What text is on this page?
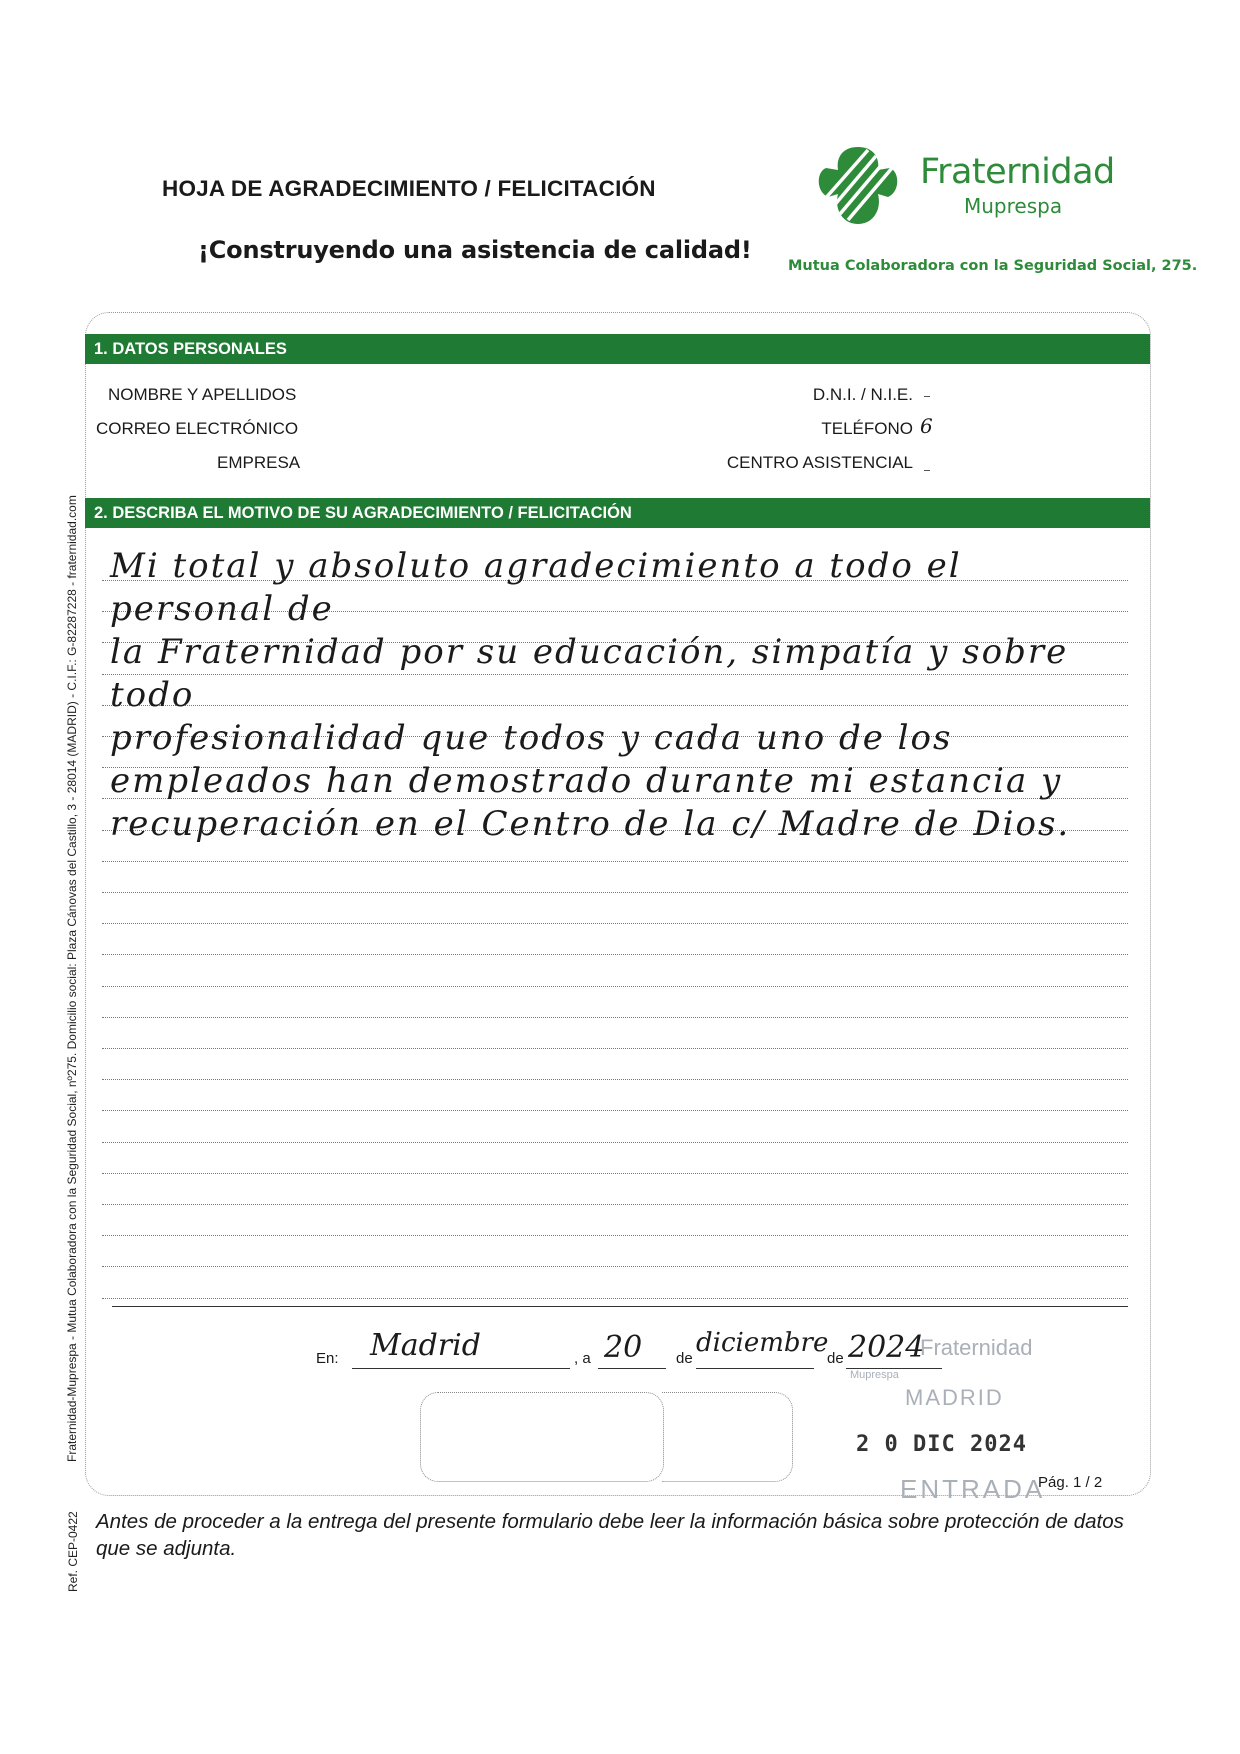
HOJA DE AGRADECIMIENTO / FELICITACIÓN
¡Construyendo una asistencia de calidad!
Fraternidad
Muprespa
Mutua Colaboradora con la Seguridad Social, 275.
1. DATOS PERSONALES
NOMBRE Y APELLIDOS
CORREO ELECTRÓNICO
EMPRESA
D.N.I. / N.I.E.
TELÉFONO
CENTRO ASISTENCIAL
6
2. DESCRIBA EL MOTIVO DE SU AGRADECIMIENTO / FELICITACIÓN
Mi total y absoluto agradecimiento a todo el personal de
la Fraternidad por su educación, simpatía y sobre todo
profesionalidad que todos y cada uno de los
empleados han demostrado durante mi estancia y
recuperación en el Centro de la c/ Madre de Dios.
En: Madrid	, a 20 de
diciembre
de 2024
Fraternidad
Muprespa
MADRID
2 0 DIC 2024
ENTRADA
Pág. 1 / 2
Antes de proceder a la entrega del presente formulario debe leer la información básica sobre protección de datos que se adjunta.
Fraternidad-Muprespa - Mutua Colaboradora con la Seguridad Social, nº275. Domicilio social: Plaza Cánovas del Castillo, 3 - 28014 (MADRID) - C.I.F.: G-82287228 - fraternidad.com
Ref. CEP-0422
